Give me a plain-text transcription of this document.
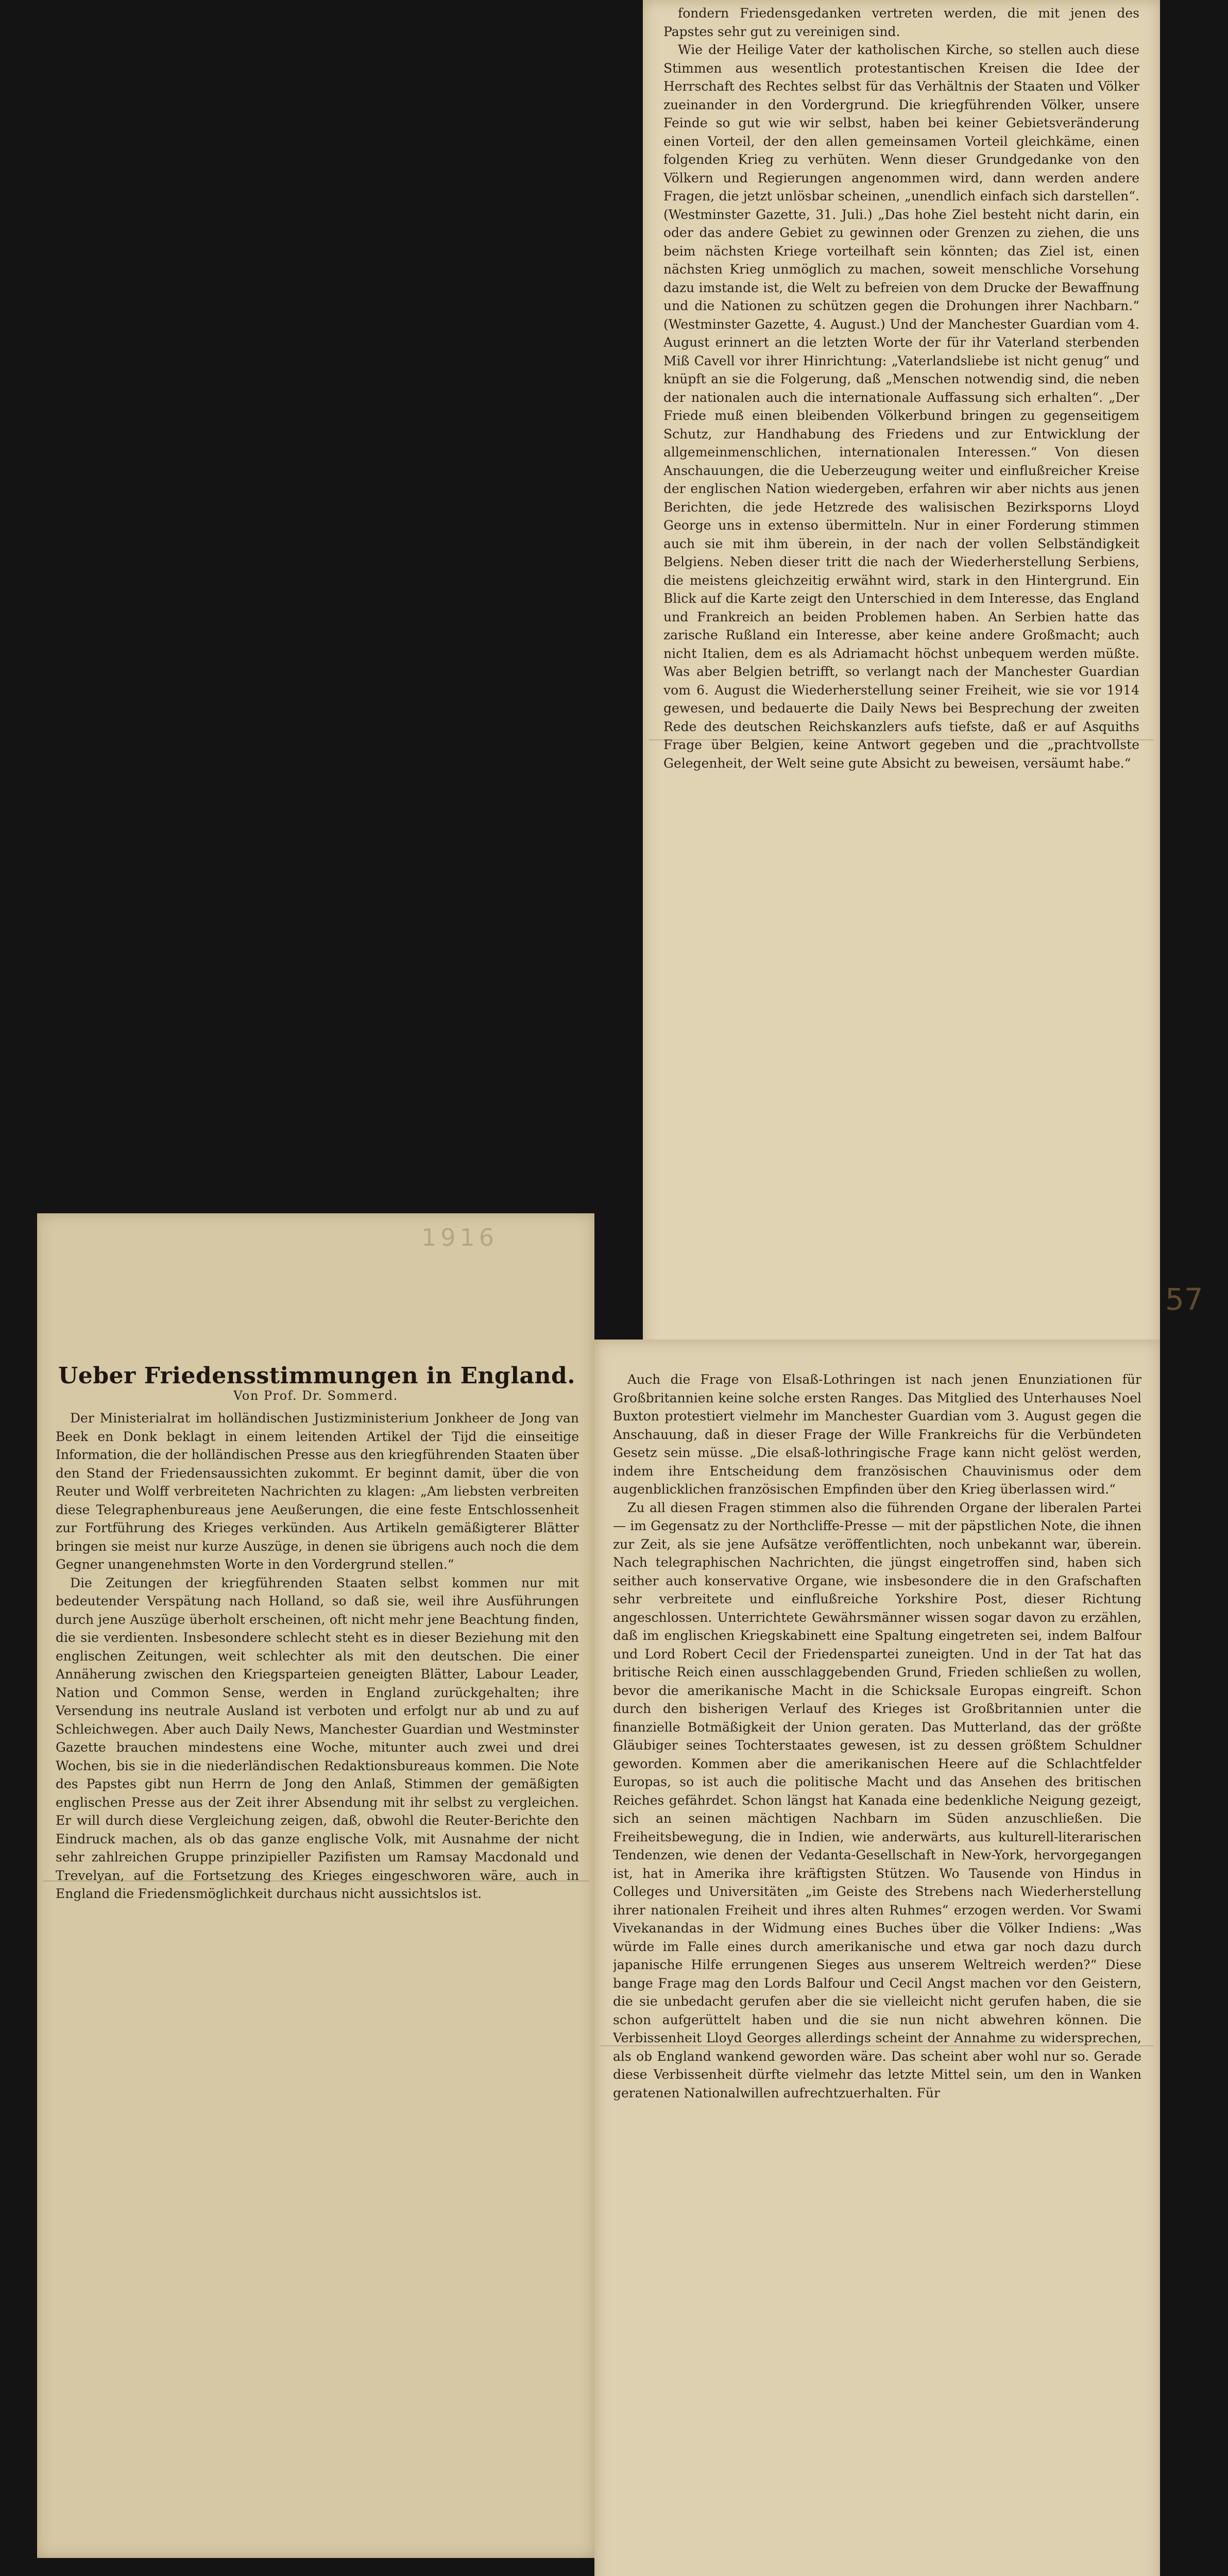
fondern Friedensgedanken vertreten werden, die mit jenen des Papstes sehr gut zu vereinigen sind.

Wie der Heilige Vater der katholischen Kirche, so stellen auch diese Stimmen aus wesentlich protestantischen Kreisen die Idee der Herrschaft des Rechtes selbst für das Verhältnis der Staaten und Völker zueinander in den Vordergrund. Die kriegführenden Völker, unsere Feinde so gut wie wir selbst, haben bei keiner Gebietsveränderung einen Vorteil, der den allen gemeinsamen Vorteil gleichkäme, einen folgenden Krieg zu verhüten. Wenn dieser Grundgedanke von den Völkern und Regierungen angenommen wird, dann werden andere Fragen, die jetzt unlösbar scheinen, „unendlich einfach sich darstellen“. (Westminster Gazette, 31. Juli.) „Das hohe Ziel besteht nicht darin, ein oder das andere Gebiet zu gewinnen oder Grenzen zu ziehen, die uns beim nächsten Kriege vorteilhaft sein könnten; das Ziel ist, einen nächsten Krieg unmöglich zu machen, soweit menschliche Vorsehung dazu imstande ist, die Welt zu befreien von dem Drucke der Bewaffnung und die Nationen zu schützen gegen die Drohungen ihrer Nachbarn.“ (Westminster Gazette, 4. August.) Und der Manchester Guardian vom 4. August erinnert an die letzten Worte der für ihr Vaterland sterbenden Miß Cavell vor ihrer Hinrichtung: „Vaterlandsliebe ist nicht genug“ und knüpft an sie die Folgerung, daß „Menschen notwendig sind, die neben der nationalen auch die internationale Auffassung sich erhalten“. „Der Friede muß einen bleibenden Völkerbund bringen zu gegenseitigem Schutz, zur Handhabung des Friedens und zur Entwicklung der allgemeinmenschlichen, internationalen Interessen.“ Von diesen Anschauungen, die die Ueberzeugung weiter und einflußreicher Kreise der englischen Nation wiedergeben, erfahren wir aber nichts aus jenen Berichten, die jede Hetzrede des walisischen Bezirksporns Lloyd George uns in extenso übermitteln. Nur in einer Forderung stimmen auch sie mit ihm überein, in der nach der vollen Selbständigkeit Belgiens. Neben dieser tritt die nach der Wiederherstellung Serbiens, die meistens gleichzeitig erwähnt wird, stark in den Hintergrund. Ein Blick auf die Karte zeigt den Unterschied in dem Interesse, das England und Frankreich an beiden Problemen haben. An Serbien hatte das zarische Rußland ein Interesse, aber keine andere Großmacht; auch nicht Italien, dem es als Adriamacht höchst unbequem werden müßte. Was aber Belgien betrifft, so verlangt nach der Manchester Guardian vom 6. August die Wiederherstellung seiner Freiheit, wie sie vor 1914 gewesen, und bedauerte die Daily News bei Besprechung der zweiten Rede des deutschen Reichskanzlers aufs tiefste, daß er auf Asquiths Frage über Belgien, keine Antwort gegeben und die „prachtvollste Gelegenheit, der Welt seine gute Absicht zu beweisen, versäumt habe.“

Ueber Friedensstimmungen in England.
Von Prof. Dr. Sommerd.

Der Ministerialrat im holländischen Justizministerium Jonkheer de Jong van Beek en Donk beklagt in einem leitenden Artikel der Tijd die einseitige Information, die der holländischen Presse aus den kriegführenden Staaten über den Stand der Friedensaussichten zukommt. Er beginnt damit, über die von Reuter und Wolff verbreiteten Nachrichten zu klagen: „Am liebsten verbreiten diese Telegraphenbureaus jene Aeußerungen, die eine feste Entschlossenheit zur Fortführung des Krieges verkünden. Aus Artikeln gemäßigterer Blätter bringen sie meist nur kurze Auszüge, in denen sie übrigens auch noch die dem Gegner unangenehmsten Worte in den Vordergrund stellen.“

Die Zeitungen der kriegführenden Staaten selbst kommen nur mit bedeutender Verspätung nach Holland, so daß sie, weil ihre Ausführungen durch jene Auszüge überholt erscheinen, oft nicht mehr jene Beachtung finden, die sie verdienten. Insbesondere schlecht steht es in dieser Beziehung mit den englischen Zeitungen, weit schlechter als mit den deutschen. Die einer Annäherung zwischen den Kriegsparteien geneigten Blätter, Labour Leader, Nation und Common Sense, werden in England zurückgehalten; ihre Versendung ins neutrale Ausland ist verboten und erfolgt nur ab und zu auf Schleichwegen. Aber auch Daily News, Manchester Guardian und Westminster Gazette brauchen mindestens eine Woche, mitunter auch zwei und drei Wochen, bis sie in die niederländischen Redaktionsbureaus kommen. Die Note des Papstes gibt nun Herrn de Jong den Anlaß, Stimmen der gemäßigten englischen Presse aus der Zeit ihrer Absendung mit ihr selbst zu vergleichen. Er will durch diese Vergleichung zeigen, daß, obwohl die Reuter-Berichte den Eindruck machen, als ob das ganze englische Volk, mit Ausnahme der nicht sehr zahlreichen Gruppe prinzipieller Pazifisten um Ramsay Macdonald und Trevelyan, auf die Fortsetzung des Krieges eingeschworen wäre, auch in England die Friedensmöglichkeit durchaus nicht aussichtslos ist.

Auch die Frage von Elsaß-Lothringen ist nach jenen Enunziationen für Großbritannien keine solche ersten Ranges. Das Mitglied des Unterhauses Noel Buxton protestiert vielmehr im Manchester Guardian vom 3. August gegen die Anschauung, daß in dieser Frage der Wille Frankreichs für die Verbündeten Gesetz sein müsse. „Die elsaß-lothringische Frage kann nicht gelöst werden, indem ihre Entscheidung dem französischen Chauvinismus oder dem augenblicklichen französischen Empfinden über den Krieg überlassen wird.“

Zu all diesen Fragen stimmen also die führenden Organe der liberalen Partei — im Gegensatz zu der Northcliffe-Presse — mit der päpstlichen Note, die ihnen zur Zeit, als sie jene Aufsätze veröffentlichten, noch unbekannt war, überein. Nach telegraphischen Nachrichten, die jüngst eingetroffen sind, haben sich seither auch konservative Organe, wie insbesondere die in den Grafschaften sehr verbreitete und einflußreiche Yorkshire Post, dieser Richtung angeschlossen. Unterrichtete Gewährsmänner wissen sogar davon zu erzählen, daß im englischen Kriegskabinett eine Spaltung eingetreten sei, indem Balfour und Lord Robert Cecil der Friedenspartei zuneigten. Und in der Tat hat das britische Reich einen ausschlaggebenden Grund, Frieden schließen zu wollen, bevor die amerikanische Macht in die Schicksale Europas eingreift. Schon durch den bisherigen Verlauf des Krieges ist Großbritannien unter die finanzielle Botmäßigkeit der Union geraten. Das Mutterland, das der größte Gläubiger seines Tochterstaates gewesen, ist zu dessen größtem Schuldner geworden. Kommen aber die amerikanischen Heere auf die Schlachtfelder Europas, so ist auch die politische Macht und das Ansehen des britischen Reiches gefährdet. Schon längst hat Kanada eine bedenkliche Neigung gezeigt, sich an seinen mächtigen Nachbarn im Süden anzuschließen. Die Freiheitsbewegung, die in Indien, wie anderwärts, aus kulturell-literarischen Tendenzen, wie denen der Vedanta-Gesellschaft in New-York, hervorgegangen ist, hat in Amerika ihre kräftigsten Stützen. Wo Tausende von Hindus in Colleges und Universitäten „im Geiste des Strebens nach Wiederherstellung ihrer nationalen Freiheit und ihres alten Ruhmes“ erzogen werden. Vor Swami Vivekanandas in der Widmung eines Buches über die Völker Indiens: „Was würde im Falle eines durch amerikanische und etwa gar noch dazu durch japanische Hilfe errungenen Sieges aus unserem Weltreich werden?“ Diese bange Frage mag den Lords Balfour und Cecil Angst machen vor den Geistern, die sie unbedacht gerufen aber die sie vielleicht nicht gerufen haben, die sie schon aufgerüttelt haben und die sie nun nicht abwehren können. Die Verbissenheit Lloyd Georges allerdings scheint der Annahme zu widersprechen, als ob England wankend geworden wäre. Das scheint aber wohl nur so. Gerade diese Verbissenheit dürfte vielmehr das letzte Mittel sein, um den in Wanken geratenen Nationalwillen aufrechtzuerhalten. Für

1916
57
